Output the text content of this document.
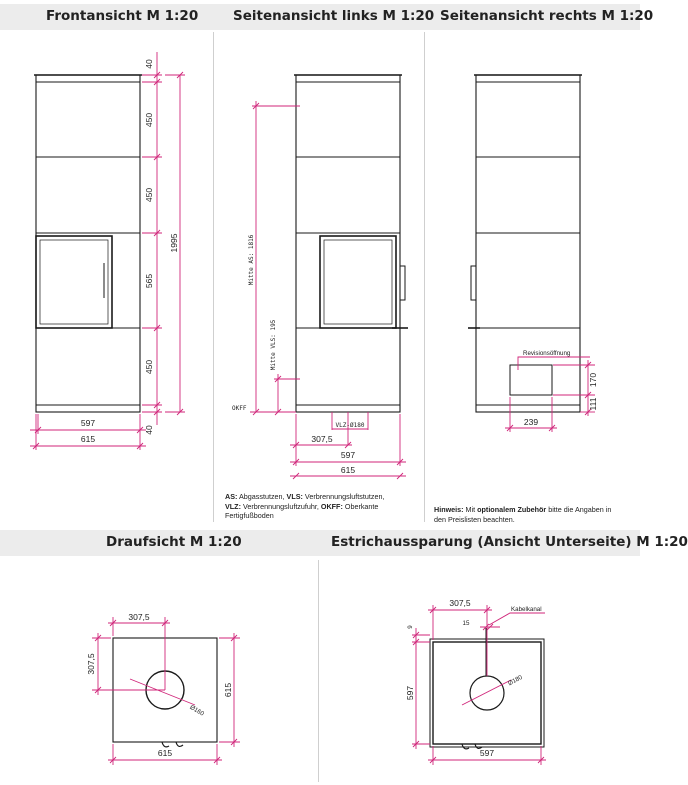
Frontansicht M 1:20	Seitenansicht links M 1:20 Seitenansicht rechts M 1:20
Draufsicht M 1:20	Estrichaussparung (Ansicht Unterseite) M 1:20
AS: Abgasstutzen, VLS: Verbrennungsluftstutzen,
VLZ: Verbrennungsluftzufuhr, OKFF: Oberkante Fertigfußboden
Hinweis: Mit optionalem Zubehör bitte die Angaben in den Preislisten beachten.
40
450
450
565
450
40
1995
597
615
Mitte AS: 1816
Mitte VLS: 195
OKFF
VLZ-Ø180
307,5
597
615
Revisionsöffnung
170
111
239
307,5
307,5
Ø160
615
615
307,5
15
Kabelkanal
9
Ø180
597
597
